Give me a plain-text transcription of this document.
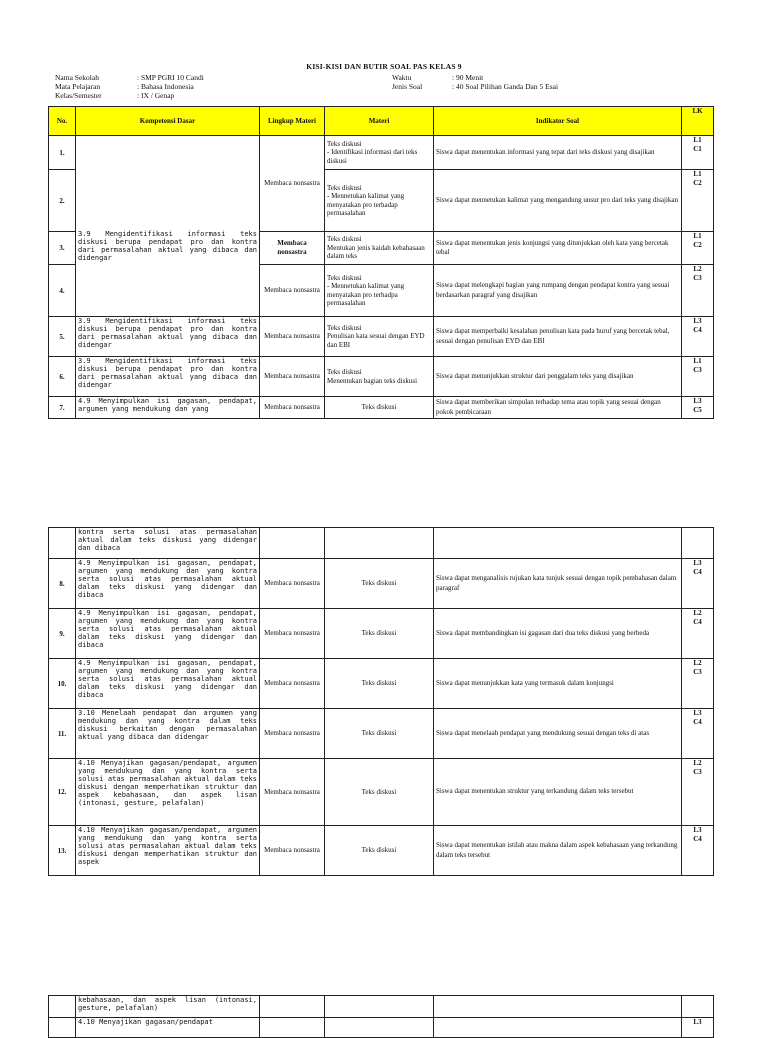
KISI-KISI DAN BUTIR SOAL PAS KELAS 9
Nama Sekolah	: SMP PGRI 10 Candi
Mata Pelajaran	: Bahasa Indonesia
Kelas/Semester	: IX / Genap
Waktu	: 90 Menit
Jenis Soal	: 40 Soal Pilihan Ganda Dan 5 Esai
No.	Kompetensi Dasar	Lingkup Materi	Materi	Indikator Soal	LK
1.	3.9 Mengidentifikasi informasi teks diskusi berupa pendapat pro dan kontra dari permasalahan aktual yang dibaca dan didengar	Membaca nonsastra	Teks diskusi
- Identifikasi informasi dari teks diskusi	Siswa dapat menentukan informasi yang tepat dari teks diskusi yang disajikan	L1
C1
2.			Teks diskusi
- Mennetukan kalimat yang menyatakan pro terhadap permasalahan	Siswa dapat mennetukan kalimat yang mengandung unsur pro dari teks yang disajikan	L1
C2
3.		Membaca nonsastra	Teks diskusi
Mentukan jenis kaidah kebahasaan dalam teks	Siswa dapat menentukan jenis konjungsi yang ditunjukkan oleh kata yang bercetak tebal	L1
C2
4.		Membaca nonsastra	Teks diskusi
- Mennetukan kalimat yang menyatakan pro terhadpa permasalahan	Siswa dapat melengkapi bagian yang rumpang dengan pendapat kontra yang sesuai berdasarkan paragraf yang disajikan	L2
C3
5.	3.9 Mengidentifikasi informasi teks diskusi berupa pendapat pro dan kontra dari permasalahan aktual yang dibaca dan didengar	Membaca nonsastra	Teks diskusi
Penulisan kata sesuai dengan EYD dan EBI	Siswa dapat memperbaiki kesalahan penulisan kata pada huruf yang bercetak tebal, sesuai dengan penulisan EYD dan EBI	L3
C4
6.	3.9 Mengidentifikasi informasi teks diskusi berupa pendapat pro dan kontra dari permasalahan aktual yang dibaca dan didengar	Membaca nonsastra	Teks diskusi
Menentukan bagian teks diskusi	Siswa dapat menunjukkan struktur dari penggalam teks yang disajikan	L1
C3
7.	4.9 Menyimpulkan isi gagasan, pendapat, argumen yang mendukung dan yang	Membaca nonsastra	Teks diskusi	Siswa dapat memberikan simpulan terhadap tema atau topik yang sesuai dengan pokok pembicaraan	L3
C5
	kontra serta solusi atas permasalahan aktual dalam teks diskusi yang didengar dan dibaca				
8.	4.9 Menyimpulkan isi gagasan, pendapat, argumen yang mendukung dan yang kontra serta solusi atas permasalahan aktual dalam teks diskusi yang didengar dan dibaca	Membaca nonsastra	Teks diskusi	Siswa dapat menganalisis rujukan kata tunjuk sesuai dengan topik pembahasan dalam paragraf	L3
C4
9.	4.9 Menyimpulkan isi gagasan, pendapat, argumen yang mendukung dan yang kontra serta solusi atas permasalahan aktual dalam teks diskusi yang didengar dan dibaca	Membaca nonsastra	Teks diskusi	Siswa dapat membandingkan isi gagasan dari dua teks diskusi yang berbeda	L2
C4
10.	4.9 Menyimpulkan isi gagasan, pendapat, argumen yang mendukung dan yang kontra serta solusi atas permasalahan aktual dalam teks diskusi yang didengar dan dibaca	Membaca nonsastra	Teks diskusi	Siswa dapat menunjukkan kata yang termasuk dalam konjungsi	L2
C3
11.	3.10 Menelaah pendapat dan argumen yang mendukung dan yang kontra dalam teks diskusi berkaitan dengan permasalahan aktual yang dibaca dan didengar	Membaca nonsastra	Teks diskusi	Siswa dapat menelaah pendapat yang mendukung sesuai dengan teks di atas	L3
C4
12.	4.10 Menyajikan gagasan/pendapat, argumen yang mendukung dan yang kontra serta solusi atas permasalahan aktual dalam teks diskusi dengan memperhatikan struktur dan aspek kebahasaan, dan aspek lisan (intonasi, gesture, pelafalan)	Membaca nonsastra	Teks diskusi	Siswa dapat menentukan struktur yang terkandung dalam teks tersebut	L2
C3
13.	4.10 Menyajikan gagasan/pendapat, argumen yang mendukung dan yang kontra serta solusi atas permasalahan aktual dalam teks diskusi dengan memperhatikan struktur dan aspek	Membaca nonsastra	Teks diskusi	Siswa dapat menentukan istilah atau makna dalam aspek kebahasaan yang terkandung dalam teks tersebut	L3
C4
	kebahasaan, dan aspek lisan (intonasi, gesture, pelafalan)				
	4.10 Menyajikan gagasan/pendapat				L3
